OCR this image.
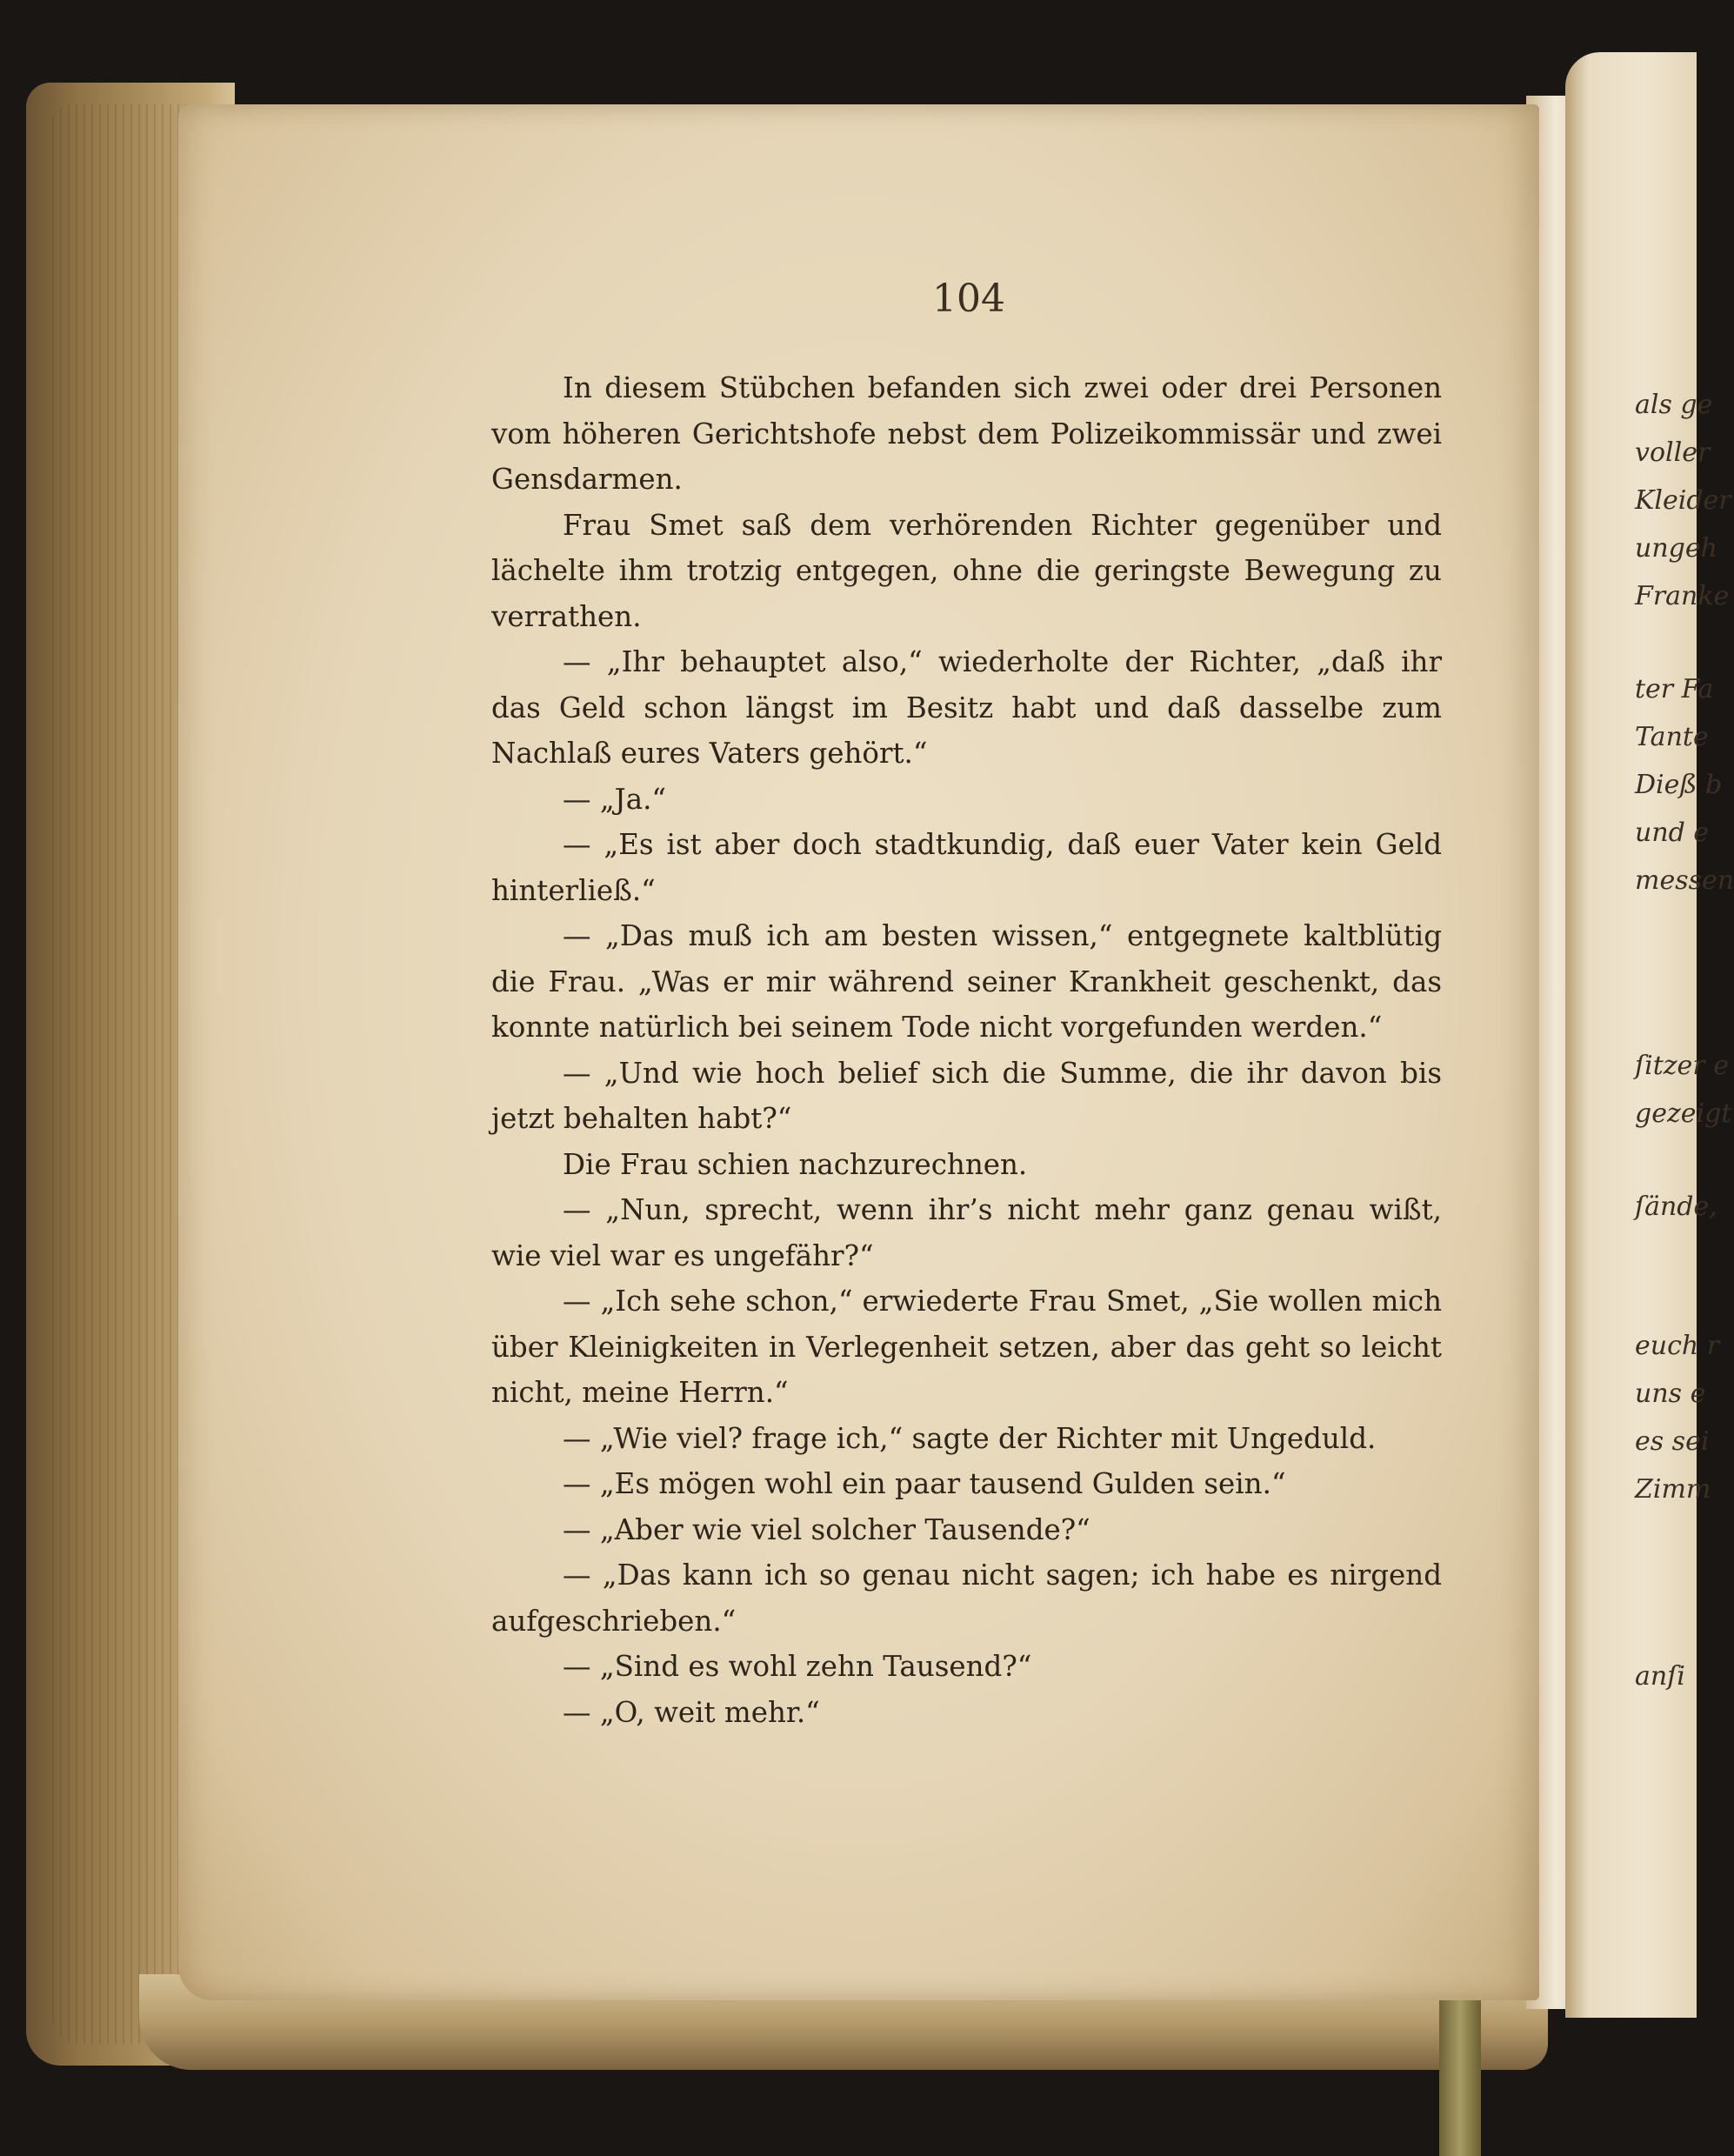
als ge
voller
Kleider
ungeh
Franke
ter Fa
Tante
Dieß b
und e
messen
ſitzer e
gezeigt
ſände,
euch r
uns e
es sei
Zimm
anſi
104

In diesem Stübchen befanden sich zwei oder drei Personen vom höheren Gerichtshofe nebst dem Polizeikommissär und zwei Gensdarmen.

Frau Smet saß dem verhörenden Richter gegenüber und lächelte ihm trotzig entgegen, ohne die geringste Bewegung zu verrathen.

— „Ihr behauptet also,“ wiederholte der Richter, „daß ihr das Geld schon längst im Besitz habt und daß dasselbe zum Nachlaß eures Vaters gehört.“

— „Ja.“

— „Es ist aber doch stadtkundig, daß euer Vater kein Geld hinterließ.“

— „Das muß ich am besten wissen,“ entgegnete kaltblütig die Frau. „Was er mir während seiner Krankheit geschenkt, das konnte natürlich bei seinem Tode nicht vorgefunden werden.“

— „Und wie hoch belief sich die Summe, die ihr davon bis jetzt behalten habt?“

Die Frau schien nachzurechnen.

— „Nun, sprecht, wenn ihr’s nicht mehr ganz genau wißt, wie viel war es ungefähr?“

— „Ich sehe schon,“ erwiederte Frau Smet, „Sie wollen mich über Kleinigkeiten in Verlegenheit setzen, aber das geht so leicht nicht, meine Herrn.“

— „Wie viel? frage ich,“ sagte der Richter mit Ungeduld.

— „Es mögen wohl ein paar tausend Gulden sein.“

— „Aber wie viel solcher Tausende?“

— „Das kann ich so genau nicht sagen; ich habe es nirgend aufgeschrieben.“

— „Sind es wohl zehn Tausend?“

— „O, weit mehr.“
